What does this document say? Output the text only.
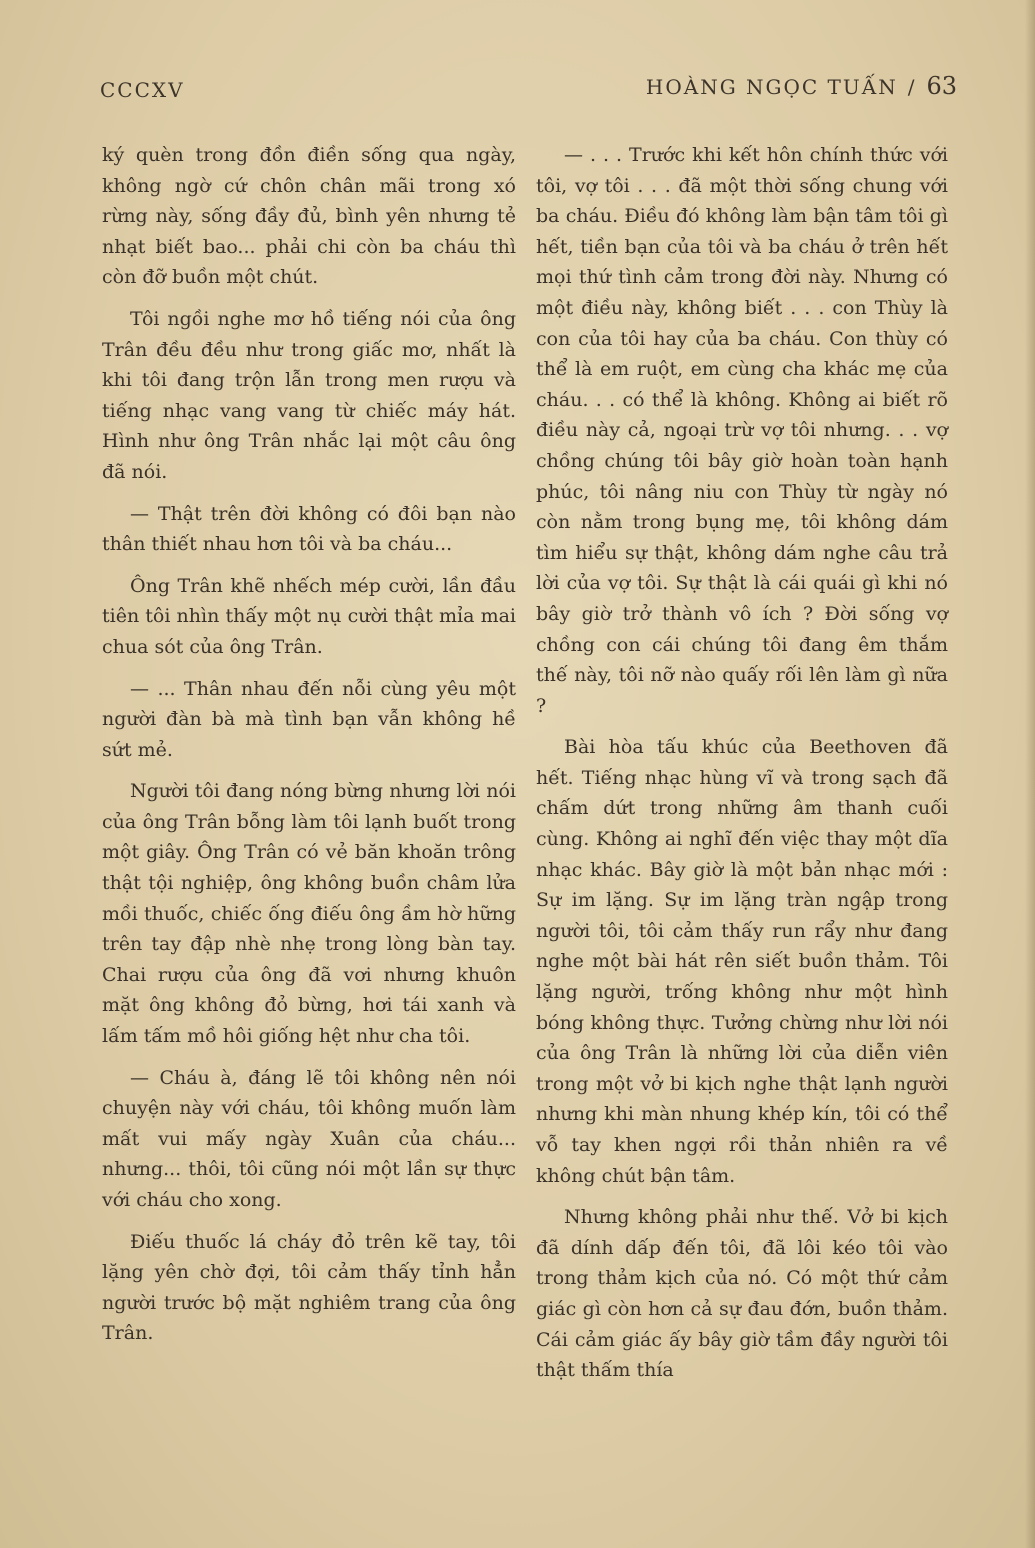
CCCXV	HOÀNG NGỌC TUẤN / 63

ký quèn trong đồn điền sống qua ngày, không ngờ cứ chôn chân mãi trong xó rừng này, sống đầy đủ, bình yên nhưng tẻ nhạt biết bao... phải chi còn ba cháu thì còn đỡ buồn một chút.

Tôi ngồi nghe mơ hồ tiếng nói của ông Trân đều đều như trong giấc mơ, nhất là khi tôi đang trộn lẫn trong men rượu và tiếng nhạc vang vang từ chiếc máy hát. Hình như ông Trân nhắc lại một câu ông đã nói.

— Thật trên đời không có đôi bạn nào thân thiết nhau hơn tôi và ba cháu...

Ông Trân khẽ nhếch mép cười, lần đầu tiên tôi nhìn thấy một nụ cười thật mỉa mai chua sót của ông Trân.

— ... Thân nhau đến nỗi cùng yêu một người đàn bà mà tình bạn vẫn không hề sứt mẻ.

Người tôi đang nóng bừng nhưng lời nói của ông Trân bỗng làm tôi lạnh buốt trong một giây. Ông Trân có vẻ băn khoăn trông thật tội nghiệp, ông không buồn châm lửa mồi thuốc, chiếc ống điếu ông ầm hờ hững trên tay đập nhè nhẹ trong lòng bàn tay. Chai rượu của ông đã vơi nhưng khuôn mặt ông không đỏ bừng, hơi tái xanh và lấm tấm mồ hôi giống hệt như cha tôi.

— Cháu à, đáng lẽ tôi không nên nói chuyện này với cháu, tôi không muốn làm mất vui mấy ngày Xuân của cháu... nhưng... thôi, tôi cũng nói một lần sự thực với cháu cho xong.

Điếu thuốc lá cháy đỏ trên kẽ tay, tôi lặng yên chờ đợi, tôi cảm thấy tỉnh hẳn người trước bộ mặt nghiêm trang của ông Trân.

— . . . Trước khi kết hôn chính thức với tôi, vợ tôi . . . đã một thời sống chung với ba cháu. Điều đó không làm bận tâm tôi gì hết, tiền bạn của tôi và ba cháu ở trên hết mọi thứ tình cảm trong đời này. Nhưng có một điều này, không biết . . . con Thùy là con của tôi hay của ba cháu. Con thùy có thể là em ruột, em cùng cha khác mẹ của cháu. . . có thể là không. Không ai biết rõ điều này cả, ngoại trừ vợ tôi nhưng. . . vợ chồng chúng tôi bây giờ hoàn toàn hạnh phúc, tôi nâng niu con Thùy từ ngày nó còn nằm trong bụng mẹ, tôi không dám tìm hiểu sự thật, không dám nghe câu trả lời của vợ tôi. Sự thật là cái quái gì khi nó bây giờ trở thành vô ích ? Đời sống vợ chồng con cái chúng tôi đang êm thắm thế này, tôi nỡ nào quấy rối lên làm gì nữa ?

Bài hòa tấu khúc của Beethoven đã hết. Tiếng nhạc hùng vĩ và trong sạch đã chấm dứt trong những âm thanh cuối cùng. Không ai nghĩ đến việc thay một dĩa nhạc khác. Bây giờ là một bản nhạc mới : Sự im lặng. Sự im lặng tràn ngập trong người tôi, tôi cảm thấy run rẩy như đang nghe một bài hát rên siết buồn thảm. Tôi lặng người, trống không như một hình bóng không thực. Tưởng chừng như lời nói của ông Trân là những lời của diễn viên trong một vở bi kịch nghe thật lạnh người nhưng khi màn nhung khép kín, tôi có thể vỗ tay khen ngợi rồi thản nhiên ra về không chút bận tâm.

Nhưng không phải như thế. Vở bi kịch đã dính dấp đến tôi, đã lôi kéo tôi vào trong thảm kịch của nó. Có một thứ cảm giác gì còn hơn cả sự đau đớn, buồn thảm. Cái cảm giác ấy bây giờ tầm đầy người tôi thật thấm thía
